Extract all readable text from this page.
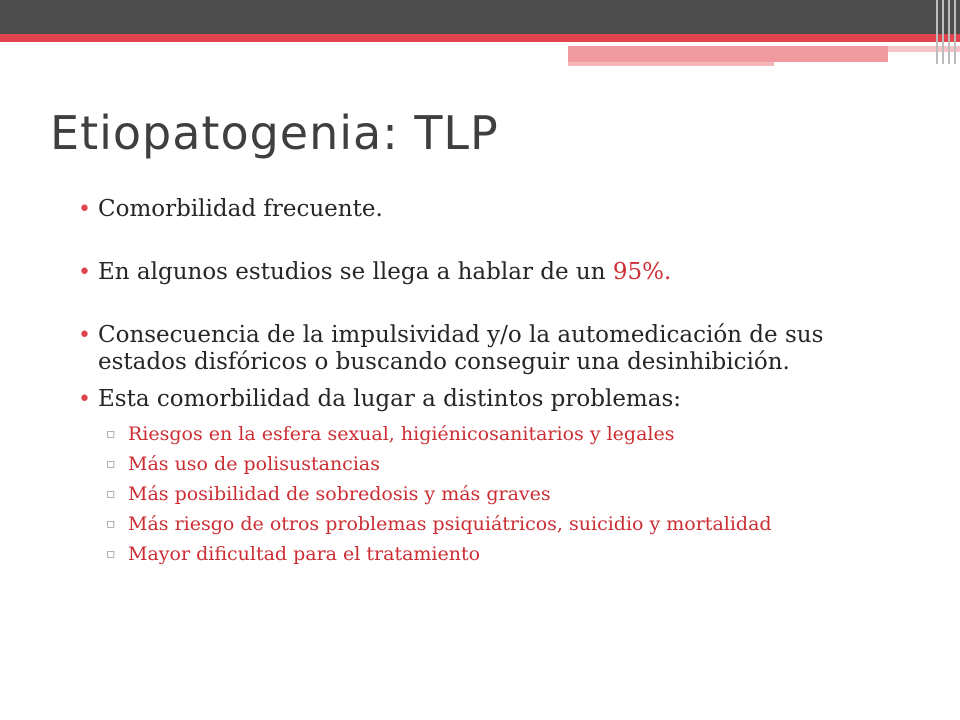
Etiopatogenia: TLP

• Comorbilidad frecuente.

• En algunos estudios se llega a hablar de un 95%.

• Consecuencia de la impulsividad y/o la automedicación de sus estados disfóricos o buscando conseguir una desinhibición.

• Esta comorbilidad da lugar a distintos problemas:

▫ Riesgos en la esfera sexual, higiénicosanitarios y legales

▫ Más uso de polisustancias

▫ Más posibilidad de sobredosis y más graves

▫ Más riesgo de otros problemas psiquiátricos, suicidio y mortalidad

▫ Mayor dificultad para el tratamiento
